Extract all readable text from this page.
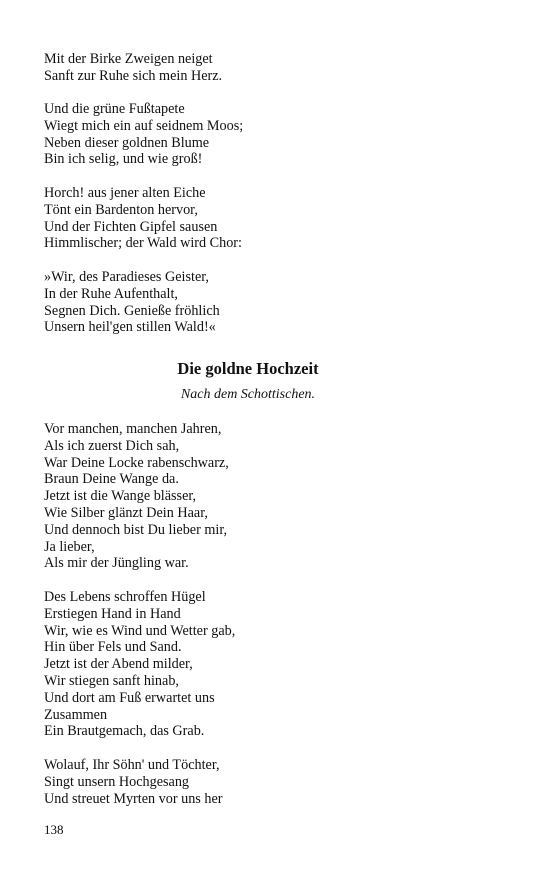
Mit der Birke Zweigen neiget
Sanft zur Ruhe sich mein Herz.
Und die grüne Fußtapete
Wiegt mich ein auf seidnem Moos;
Neben dieser goldnen Blume
Bin ich selig, und wie groß!
Horch! aus jener alten Eiche
Tönt ein Bardenton hervor,
Und der Fichten Gipfel sausen
Himmlischer; der Wald wird Chor:
»Wir, des Paradieses Geister,
In der Ruhe Aufenthalt,
Segnen Dich. Genieße fröhlich
Unsern heil'gen stillen Wald!«
Die goldne Hochzeit
Nach dem Schottischen.
Vor manchen, manchen Jahren,
Als ich zuerst Dich sah,
War Deine Locke rabenschwarz,
Braun Deine Wange da.
Jetzt ist die Wange blässer,
Wie Silber glänzt Dein Haar,
Und dennoch bist Du lieber mir,
Ja lieber,
Als mir der Jüngling war.
Des Lebens schroffen Hügel
Erstiegen Hand in Hand
Wir, wie es Wind und Wetter gab,
Hin über Fels und Sand.
Jetzt ist der Abend milder,
Wir stiegen sanft hinab,
Und dort am Fuß erwartet uns
Zusammen
Ein Brautgemach, das Grab.
Wolauf, Ihr Söhn' und Töchter,
Singt unsern Hochgesang
Und streuet Myrten vor uns her
138
